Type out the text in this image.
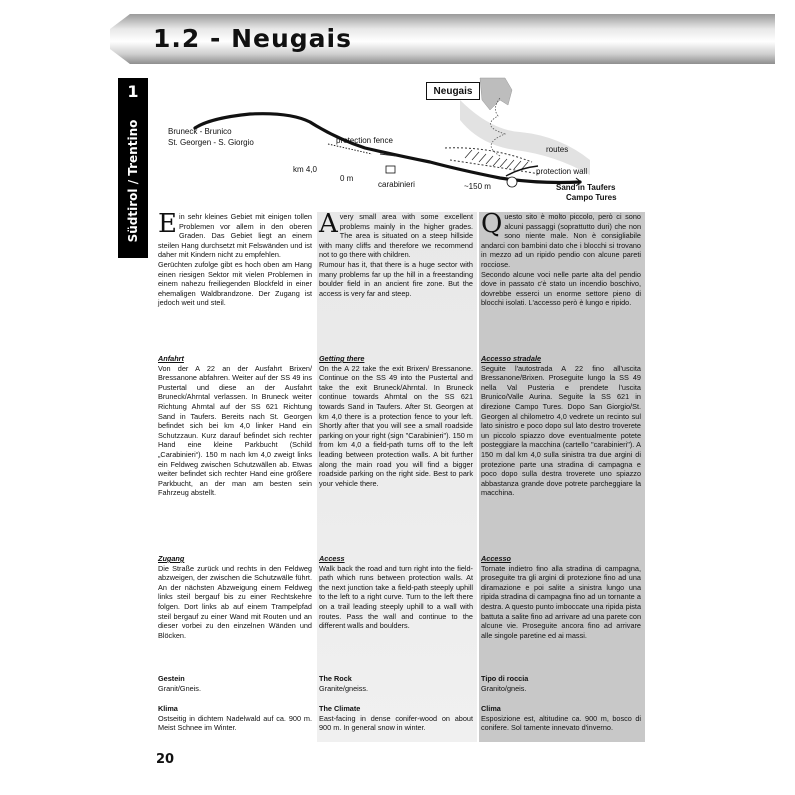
1.2 - Neugais
1
Südtirol / Trentino
Neugais
Bruneck - Brunico
St. Georgen - S. Giorgio	protection fence
routes
protection wall
km 4,0
0 m
carabinieri	~150 m	Sand in Taufers
Campo Tures

Ein sehr kleines Gebiet mit einigen tollen Problemen vor allem in den oberen Graden. Das Gebiet liegt an einem steilen Hang durchsetzt mit Felswänden und ist daher mit Kindern nicht zu empfehlen.
Gerüchten zufolge gibt es hoch oben am Hang einen riesigen Sektor mit vielen Problemen in einem nahezu freiliegenden Blockfeld in einer ehemaligen Waldbrandzone. Der Zugang ist jedoch weit und steil.

Anfahrt

Von der A 22 an der Ausfahrt Brixen/ Bressanone abfahren. Weiter auf der SS 49 ins Pustertal und diese an der Ausfahrt Bruneck/Ahrntal verlassen. In Bruneck weiter Richtung Ahrntal auf der SS 621 Richtung Sand in Taufers. Bereits nach St. Georgen befindet sich bei km 4,0 linker Hand ein Schutzzaun. Kurz darauf befindet sich rechter Hand eine kleine Parkbucht (Schild „Carabinieri“). 150 m nach km 4,0 zweigt links ein Feldweg zwischen Schutzwällen ab. Etwas weiter befindet sich rechter Hand eine größere Parkbucht, an der man am besten sein Fahrzeug abstellt.

Zugang

Die Straße zurück und rechts in den Feldweg abzweigen, der zwischen die Schutzwälle führt. An der nächsten Abzweigung einem Feldweg links steil bergauf bis zu einer Rechtskehre folgen. Dort links ab auf einem Trampelpfad steil bergauf zu einer Wand mit Routen und an dieser vorbei zu den einzelnen Wänden und Blöcken.

Gestein

Granit/Gneis.

Klima

Ostseitig in dichtem Nadelwald auf ca. 900 m. Meist Schnee im Winter.

Avery small area with some excellent problems mainly in the higher grades. The area is situated on a steep hillside with many cliffs and therefore we recommend not to go there with children.
Rumour has it, that there is a huge sector with many problems far up the hill in a freestanding boulder field in an ancient fire zone. But the access is very far and steep.

Getting there

On the A 22 take the exit Brixen/ Bressanone. Continue on the SS 49 into the Pustertal and take the exit Bruneck/Ahrntal. In Bruneck continue towards Ahrntal on the SS 621 towards Sand in Taufers. After St. Georgen at km 4,0 there is a protection fence to your left. Shortly after that you will see a small roadside parking on your right (sign "Carabinieri"). 150 m from km 4,0 a field-path turns off to the left leading between protection walls. A bit further along the main road you will find a bigger roadside parking on the right side. Best to park your vehicle there.

Access

Walk back the road and turn right into the field-path which runs between protection walls. At the next junction take a field-path steeply uphill to the left to a right curve. Turn to the left there on a trail leading steeply uphill to a wall with routes. Pass the wall and continue to the different walls and boulders.

The Rock

Granite/gneiss.

The Climate

East-facing in dense conifer-wood on about 900 m. In general snow in winter.

Questo sito è molto piccolo, però ci sono alcuni passaggi (soprattutto duri) che non sono niente male. Non è consigliabile andarci con bambini dato che i blocchi si trovano in mezzo ad un ripido pendio con alcune pareti rocciose.
Secondo alcune voci nelle parte alta del pendio dove in passato c'è stato un incendio boschivo, dovrebbe esserci un enorme settore pieno di blocchi isolati. L'accesso però è lungo e ripido.

Accesso stradale

Seguite l'autostrada A 22 fino all'uscita Bressanone/Brixen. Proseguite lungo la SS 49 nella Val Pusteria e prendete l'uscita Brunico/Valle Aurina. Seguite la SS 621 in direzione Campo Tures. Dopo San Giorgio/St. Georgen al chilometro 4,0 vedrete un recinto sul lato sinistro e poco dopo sul lato destro troverete un piccolo spiazzo dove eventualmente potete posteggiare la macchina (cartello "carabinieri"). A 150 m dal km 4,0 sulla sinistra tra due argini di protezione parte una stradina di campagna e poco dopo sulla destra troverete uno spiazzo abbastanza grande dove potrete parcheggiare la macchina.

Accesso

Tornate indietro fino alla stradina di campagna, proseguite tra gli argini di protezione fino ad una diramazione e poi salite a sinistra lungo una ripida stradina di campagna fino ad un tornante a destra. A questo punto imboccate una ripida pista battuta a salite fino ad arrivare ad una parete con alcune vie. Proseguite ancora fino ad arrivare alle singole paretine ed ai massi.

Tipo di roccia

Granito/gneis.

Clima

Esposizione est, altitudine ca. 900 m, bosco di conifere. Sol tamente innevato d'inverno.

20
